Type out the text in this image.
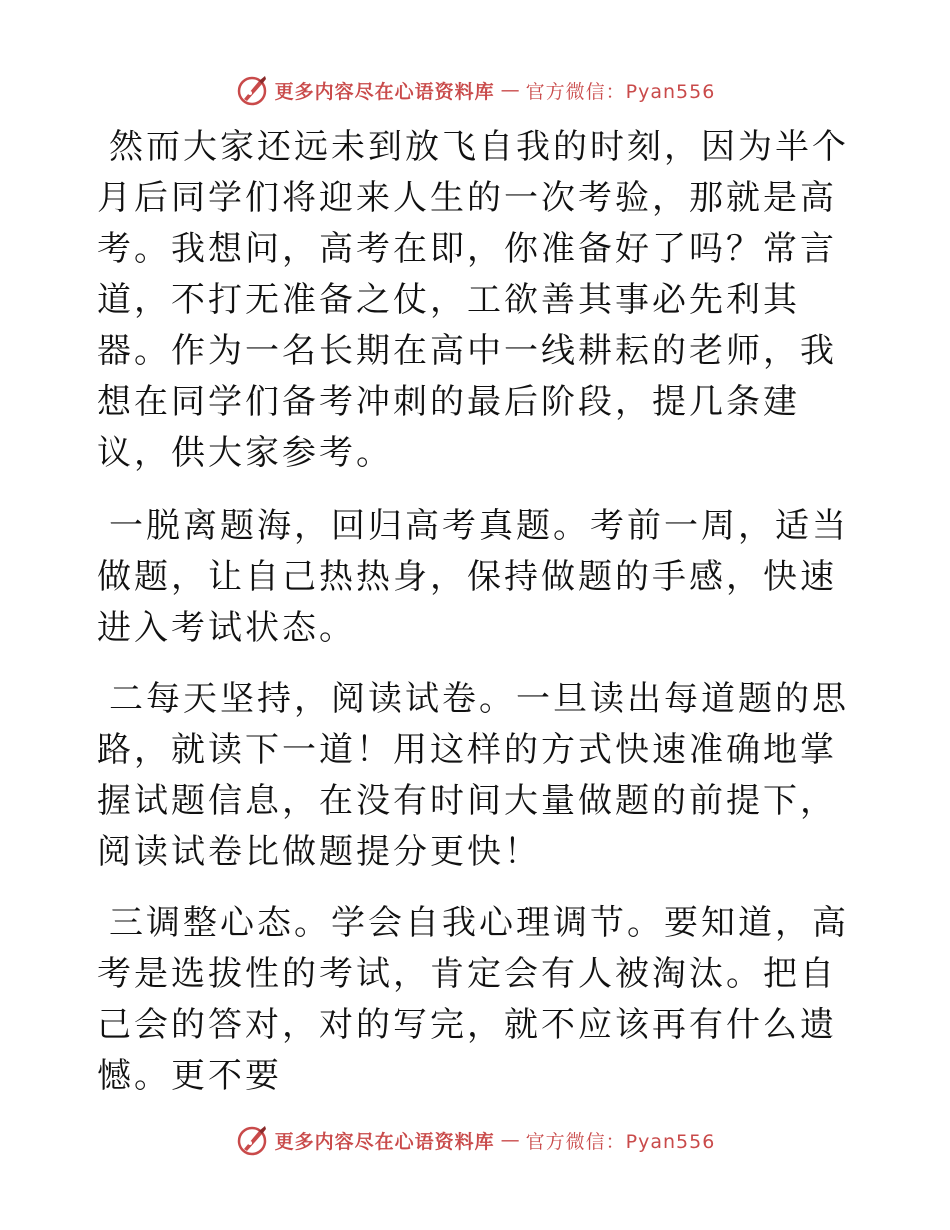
更多内容尽在心语资料库 — 官方微信：Pyan556

然而大家还远未到放飞自我的时刻，因为半个月后同学们将迎来人生的一次考验，那就是高考。我想问，高考在即，你准备好了吗？常言道，不打无准备之仗，工欲善其事必先利其器。作为一名长期在高中一线耕耘的老师，我想在同学们备考冲刺的最后阶段，提几条建议，供大家参考。

一脱离题海，回归高考真题。考前一周，适当做题，让自己热热身，保持做题的手感，快速进入考试状态。

二每天坚持，阅读试卷。一旦读出每道题的思路，就读下一道！用这样的方式快速准确地掌握试题信息，在没有时间大量做题的前提下，阅读试卷比做题提分更快！

三调整心态。学会自我心理调节。要知道，高考是选拔性的考试，肯定会有人被淘汰。把自己会的答对，对的写完，就不应该再有什么遗憾。更不要

更多内容尽在心语资料库 — 官方微信：Pyan556
